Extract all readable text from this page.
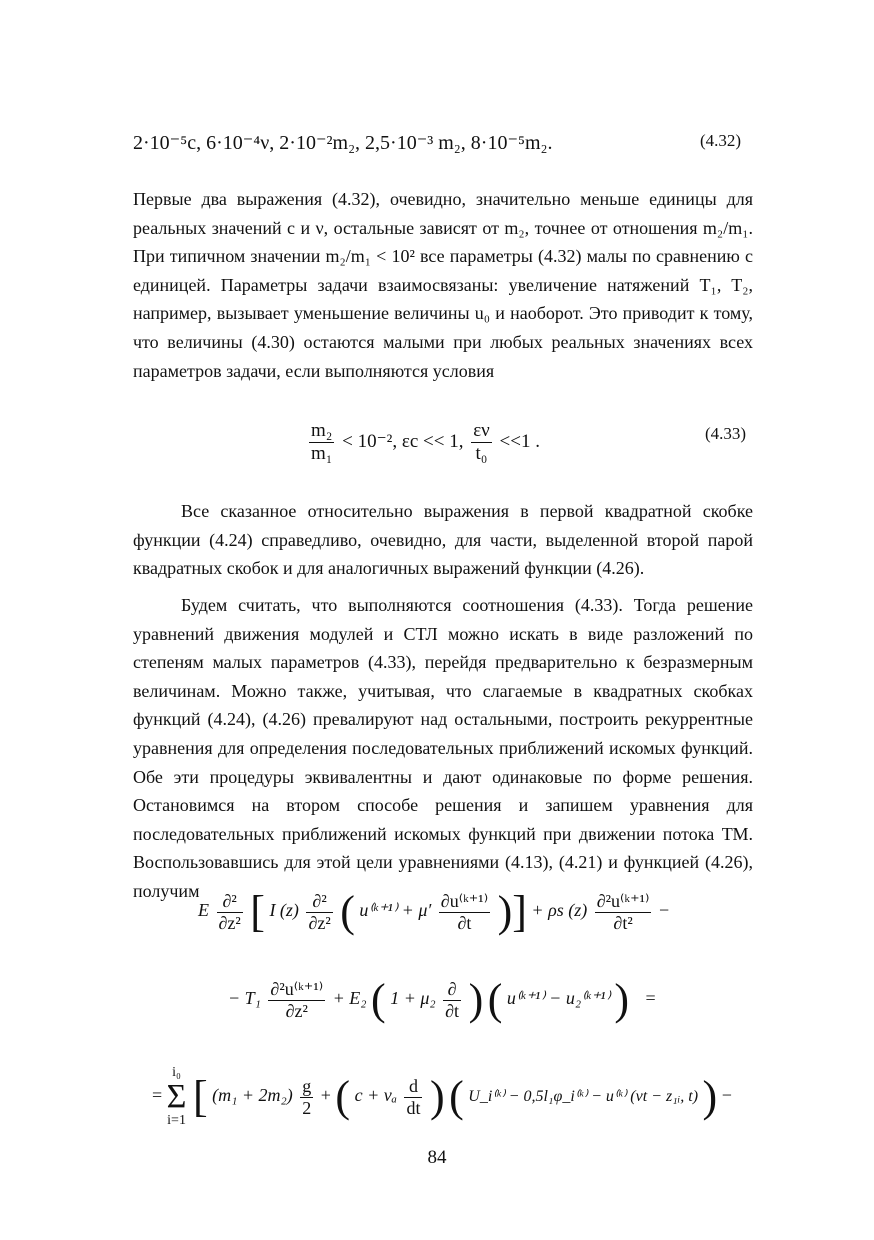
2·10⁻⁵c, 6·10⁻⁴ν, 2·10⁻²m₂, 2,5·10⁻³ m₂, 8·10⁻⁵m₂.	(4.32)
Первые два выражения (4.32), очевидно, значительно меньше единицы для реальных значений c и ν, остальные зависят от m₂, точнее от отношения m₂/m₁. При типичном значении m₂/m₁ < 10² все параметры (4.32) малы по сравнению с единицей. Параметры задачи взаимосвязаны: увеличение натяжений T₁, T₂, например, вызывает уменьшение величины u₀ и наоборот. Это приводит к тому, что величины (4.30) остаются малыми при любых реальных значениях всех параметров задачи, если выполняются условия
$\frac{\text{m₂}}{\text{m₁}} < 10^{-2}$, εc << 1, $\frac{\varepsilon\nu}{\text{t₀}} <<1$ .	(4.33)
Все сказанное относительно выражения в первой квадратной скобке функции (4.24) справедливо, очевидно, для части, выделенной второй парой квадратных скобок и для аналогичных выражений функции (4.26).
Будем считать, что выполняются соотношения (4.33). Тогда решение уравнений движения модулей и СТЛ можно искать в виде разложений по степеням малых параметров (4.33), перейдя предварительно к безразмерным величинам. Можно также, учитывая, что слагаемые в квадратных скобках функций (4.24), (4.26) превалируют над остальными, построить рекуррентные уравнения для определения последовательных приближений искомых функций. Обе эти процедуры эквивалентны и дают одинаковые по форме решения. Остановимся на втором способе решения и запишем уравнения для последовательных приближений искомых функций при движении потока ТМ. Воспользовавшись для этой цели уравнениями (4.13), (4.21) и функцией (4.26), получим
E $\frac{\text{∂²}}{\text{∂z²}}$ [ I $(z) \frac{\text{∂²}}{\text{∂z²}}$ ( u⁽ᵏ⁺¹⁾ + $\mu' \frac{\text{∂u⁽ᵏ⁺¹⁾}}{\partial t}$ )] + ρs $(z) \frac{\text{∂²u⁽ᵏ⁺¹⁾}}{\text{∂t²}}$ −
− $T_1 \frac{\text{∂²u⁽ᵏ⁺¹⁾}}{\text{∂z²}} + E_2$ ( $1 + \mu_2 \frac{\partial}{\partial t}$ ) ( u⁽ᵏ⁺¹⁾ − u₂⁽ᵏ⁺¹⁾ ) =
=
i₀
Σ
i=1 [ $(m_1 + 2m_2) \frac{g}{2}$ + ( c + vₐ $\frac{d}{dt}$ ) ( U_i⁽ᵏ⁾ − 0,5l₁φ_i⁽ᵏ⁾ − u⁽ᵏ⁾ (vt − z₁ᵢ, t) ) −
84
